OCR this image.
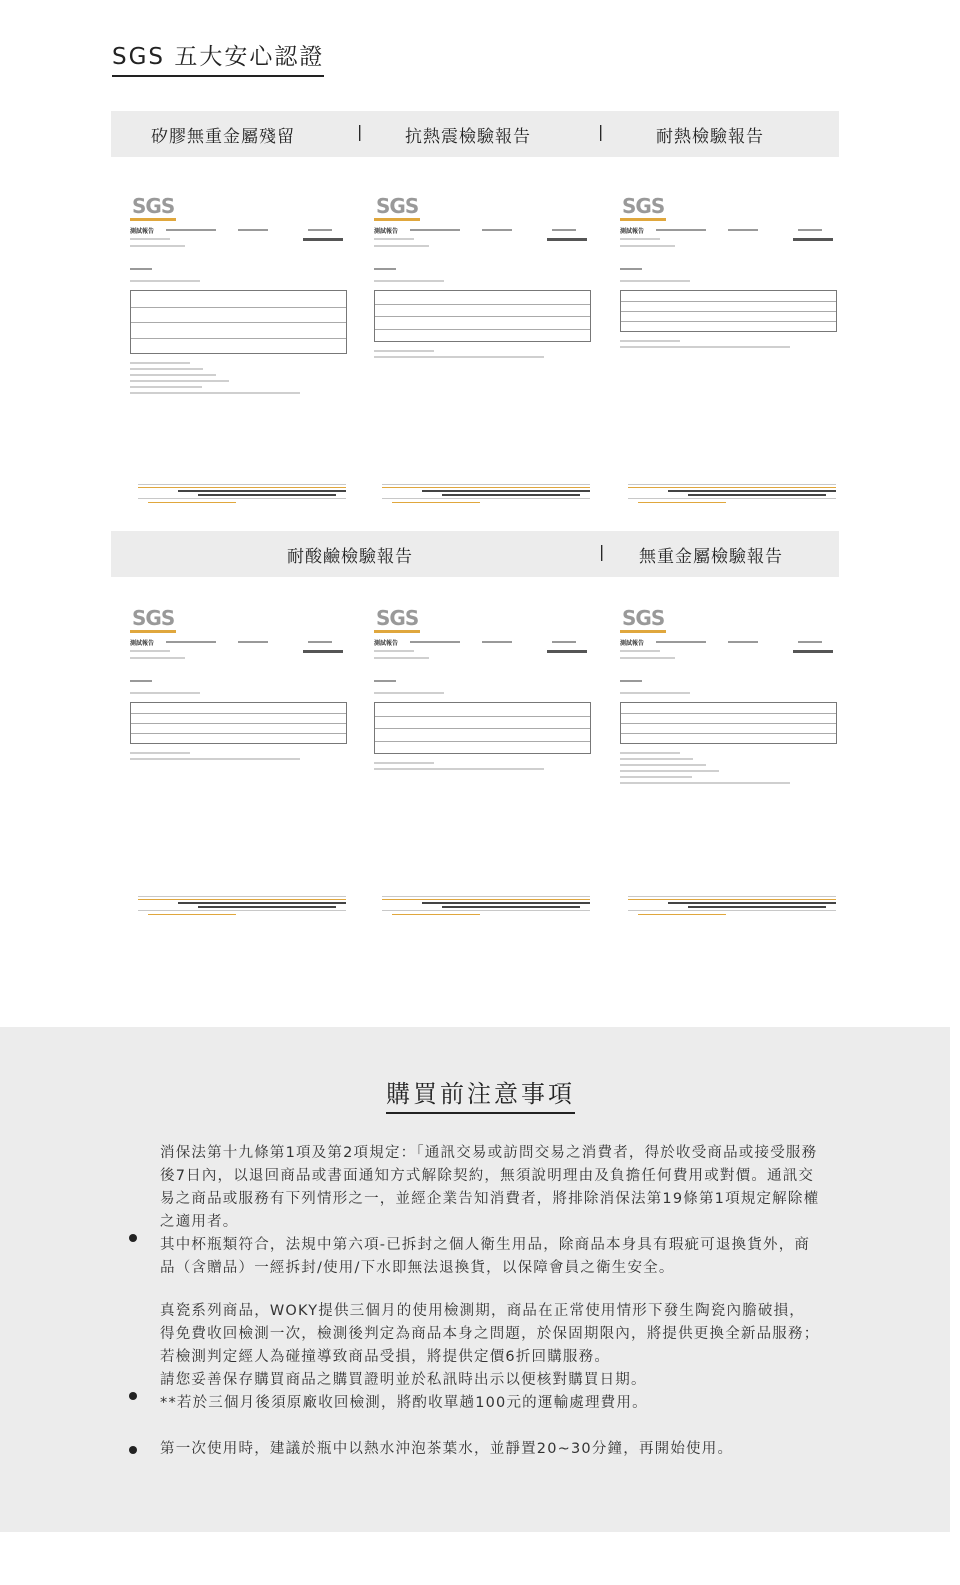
SGS 五大安心認證
矽膠無重金屬殘留	| 抗熱震檢驗報告	|	耐熱檢驗報告
耐酸鹼檢驗報告	| 無重金屬檢驗報告
SGS
測試報告
SGS
測試報告
SGS
測試報告
SGS
測試報告
SGS
測試報告
SGS
測試報告
購買前注意事項

消保法第十九條第1項及第2項規定：「通訊交易或訪問交易之消費者，得於收受商品或接受服務後7日內，以退回商品或書面通知方式解除契約，無須說明理由及負擔任何費用或對價。通訊交易之商品或服務有下列情形之一，並經企業告知消費者，將排除消保法第19條第1項規定解除權之適用者。
其中杯瓶類符合，法規中第六項-已拆封之個人衛生用品，除商品本身具有瑕疵可退換貨外，商品（含贈品）一經拆封/使用/下水即無法退換貨，以保障會員之衛生安全。

真瓷系列商品，WOKY提供三個月的使用檢測期，商品在正常使用情形下發生陶瓷內膽破損，得免費收回檢測一次，檢測後判定為商品本身之問題，於保固期限內，將提供更換全新品服務；若檢測判定經人為碰撞導致商品受損，將提供定價6折回購服務。
請您妥善保存購買商品之購買證明並於私訊時出示以便核對購買日期。
**若於三個月後須原廠收回檢測，將酌收單趟100元的運輸處理費用。

第一次使用時，建議於瓶中以熱水沖泡茶葉水，並靜置20~30分鐘，再開始使用。
